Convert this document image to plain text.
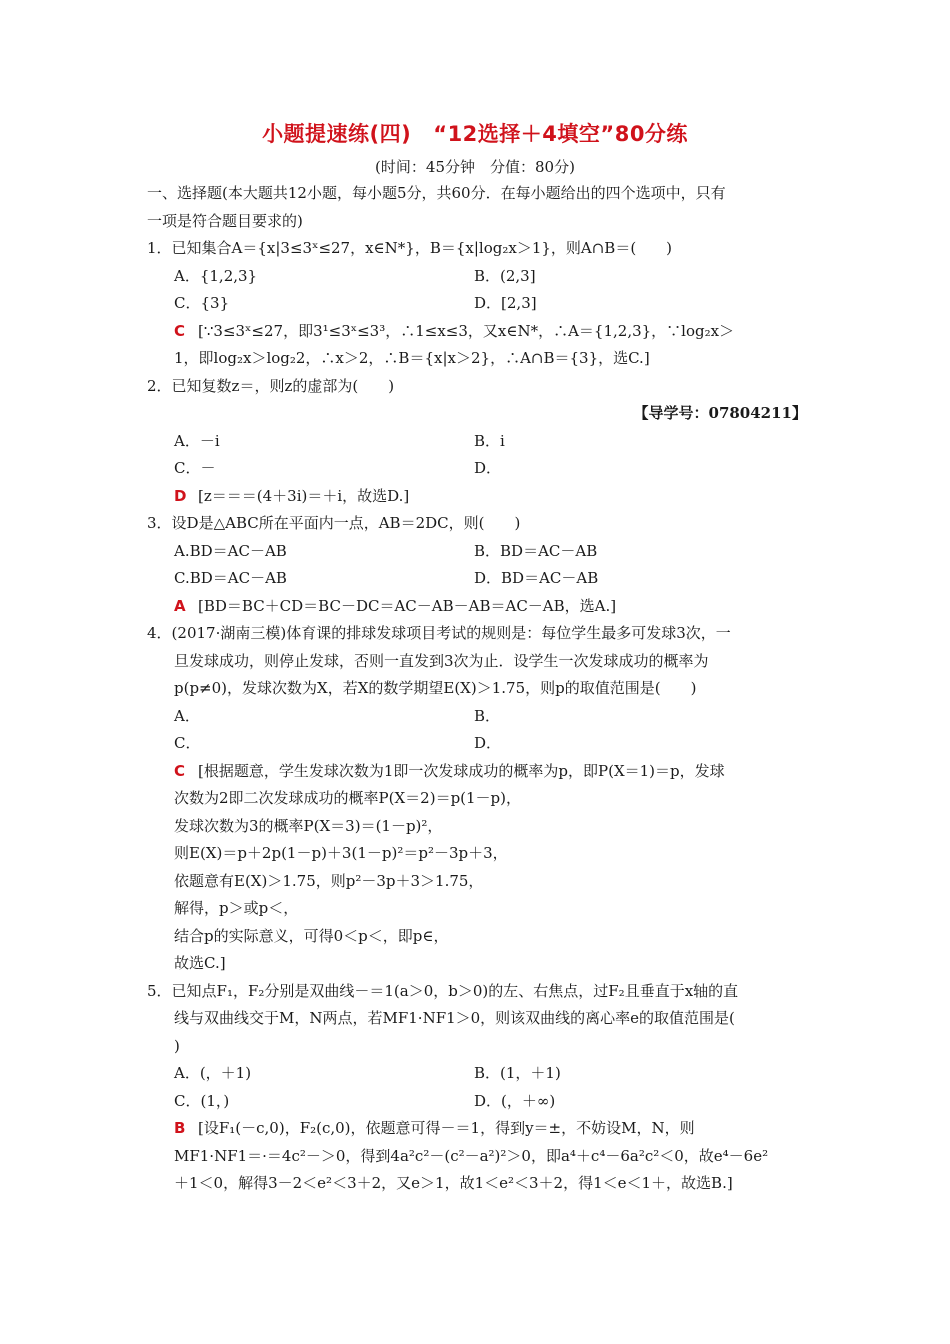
小题提速练(四) “12选择＋4填空”80分练
(时间：45分钟　分值：80分)
一、选择题(本大题共12小题，每小题5分，共60分．在每小题给出的四个选项中，只有
一项是符合题目要求的)
1．已知集合A＝{x|3≤3ˣ≤27，x∈N*}，B＝{x|log₂x＞1}，则A∩B＝(　　)
A．{1,2,3}	B．(2,3]
C．{3}	D．[2,3]
C [∵3≤3ˣ≤27，即3¹≤3ˣ≤3³，∴1≤x≤3，又x∈N*，∴A＝{1,2,3}，∵log₂x＞
1，即log₂x＞log₂2，∴x＞2，∴B＝{x|x＞2}，∴A∩B＝{3}，选C.]
2．已知复数z＝，则z的虚部为(　　)
【导学号：07804211】
A．－i	B．i
C．－	D．
D [z＝＝＝(4＋3i)＝＋i，故选D.]
3．设D是△ABC所在平面内一点，AB＝2DC，则(　　)
A.BD＝AC－AB	B．BD＝AC－AB
C.BD＝AC－AB	D．BD＝AC－AB
A [BD＝BC＋CD＝BC－DC＝AC－AB－AB＝AC－AB，选A.]
4．(2017·湖南三模)体育课的排球发球项目考试的规则是：每位学生最多可发球3次，一
旦发球成功，则停止发球，否则一直发到3次为止．设学生一次发球成功的概率为
p(p≠0)，发球次数为X，若X的数学期望E(X)＞1.75，则p的取值范围是(　　)
A．	B．
C．	D．
C [根据题意，学生发球次数为1即一次发球成功的概率为p，即P(X＝1)＝p，发球
次数为2即二次发球成功的概率P(X＝2)＝p(1－p)，
发球次数为3的概率P(X＝3)＝(1－p)²，
则E(X)＝p＋2p(1－p)＋3(1－p)²＝p²－3p＋3，
依题意有E(X)＞1.75，则p²－3p＋3＞1.75，
解得，p＞或p＜，
结合p的实际意义，可得0＜p＜，即p∈，
故选C.]
5．已知点F₁，F₂分别是双曲线－＝1(a＞0，b＞0)的左、右焦点，过F₂且垂直于x轴的直
线与双曲线交于M，N两点，若MF1·NF1＞0，则该双曲线的离心率e的取值范围是(
)
A．(，＋1)	B．(1，＋1)
C．(1，)	D．(，＋∞)
B [设F₁(－c,0)，F₂(c,0)，依题意可得－＝1，得到y＝±，不妨设M，N，则
MF1·NF1＝·＝4c²－＞0，得到4a²c²－(c²－a²)²＞0，即a⁴＋c⁴－6a²c²＜0，故e⁴－6e²
＋1＜0，解得3－2＜e²＜3＋2，又e＞1，故1＜e²＜3＋2，得1＜e＜1＋，故选B.]
